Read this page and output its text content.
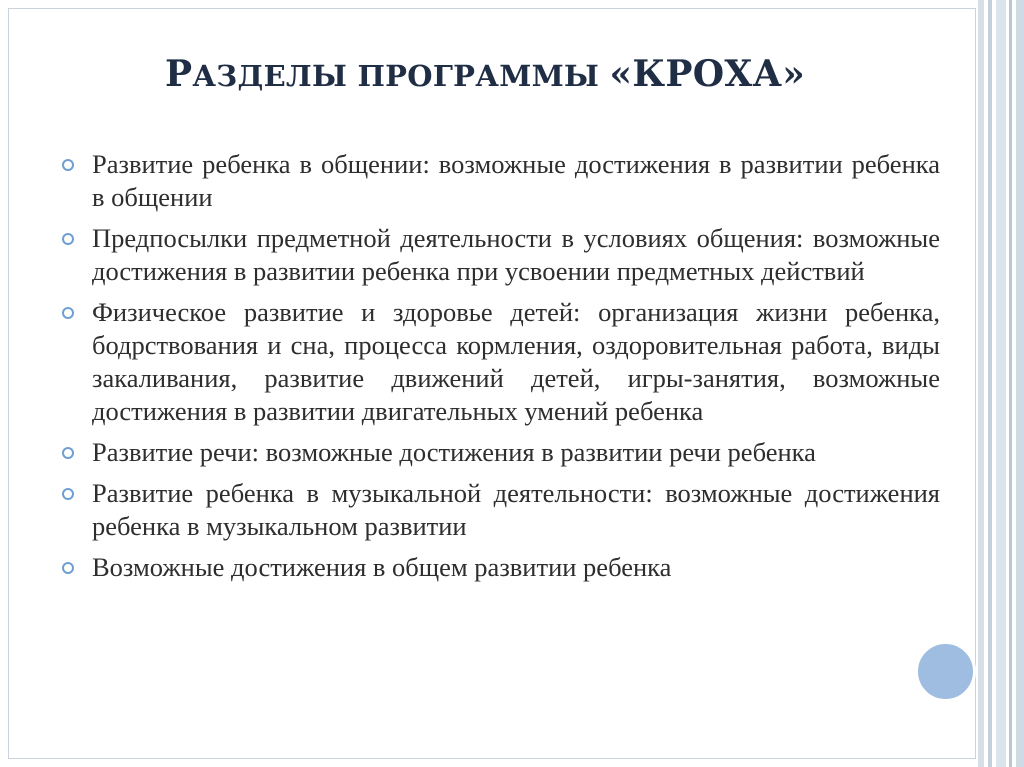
РАЗДЕЛЫ ПРОГРАММЫ «КРОХА»
Развитие ребенка в общении: возможные достижения в развитии ребенка в общении
Предпосылки предметной деятельности в условиях общения: возможные достижения в развитии ребенка при усвоении предметных действий
Физическое развитие и здоровье детей: организация жизни ребенка, бодрствования и сна, процесса кормления, оздоровительная работа, виды закаливания, развитие движений детей, игры-занятия, возможные достижения в развитии двигательных умений ребенка
Развитие речи: возможные достижения в развитии речи ребенка
Развитие ребенка в музыкальной деятельности: возможные достижения ребенка в музыкальном развитии
Возможные достижения в общем развитии ребенка
